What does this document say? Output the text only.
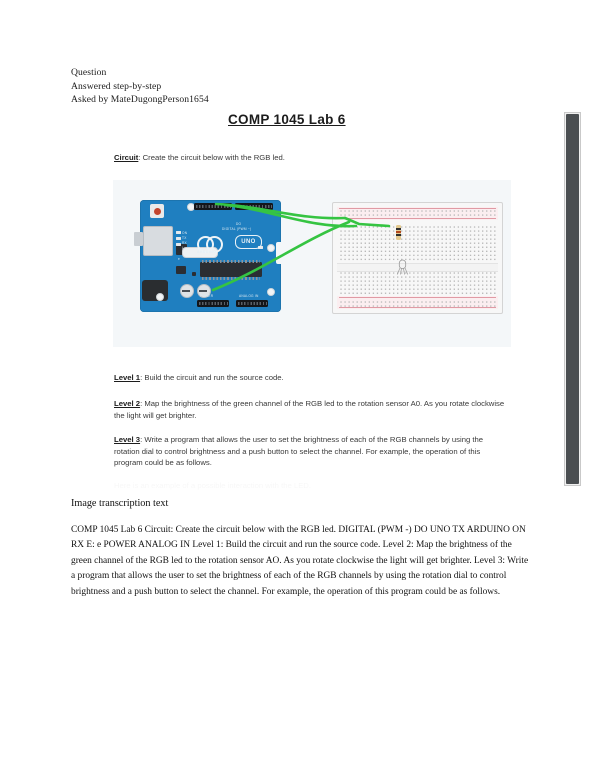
Question
Answered step-by-step
Asked by MateDugongPerson1654
COMP 1045 Lab 6
Circuit: Create the circuit below with the RGB led.
ARDUINO
UNO
DIGITAL (PWM ~)
DO
POWER	ANALOG IN
ON
TX
RX
L
e
Level 1: Build the circuit and run the source code.
Level 2: Map the brightness of the green channel of the RGB led to the rotation sensor A0. As you rotate clockwise the light will get brighter.
Level 3: Write a program that allows the user to set the brightness of each of the RGB channels by using the rotation dial to control brightness and a push button to select the channel. For example, the operation of this program could be as follows.
Here is an example of a possible interaction with the LED.
Image transcription text
COMP 1045 Lab 6 Circuit: Create the circuit below with the RGB led. DIGITAL (PWM -) DO UNO TX ARDUINO ON RX E: e POWER ANALOG IN Level 1: Build the circuit and run the source code. Level 2: Map the brightness of the green channel of the RGB led to the rotation sensor AO. As you rotate clockwise the light will get brighter. Level 3: Write a program that allows the user to set the brightness of each of the RGB channels by using the rotation dial to control brightness and a push button to select the channel. For example, the operation of this program could be as follows.
